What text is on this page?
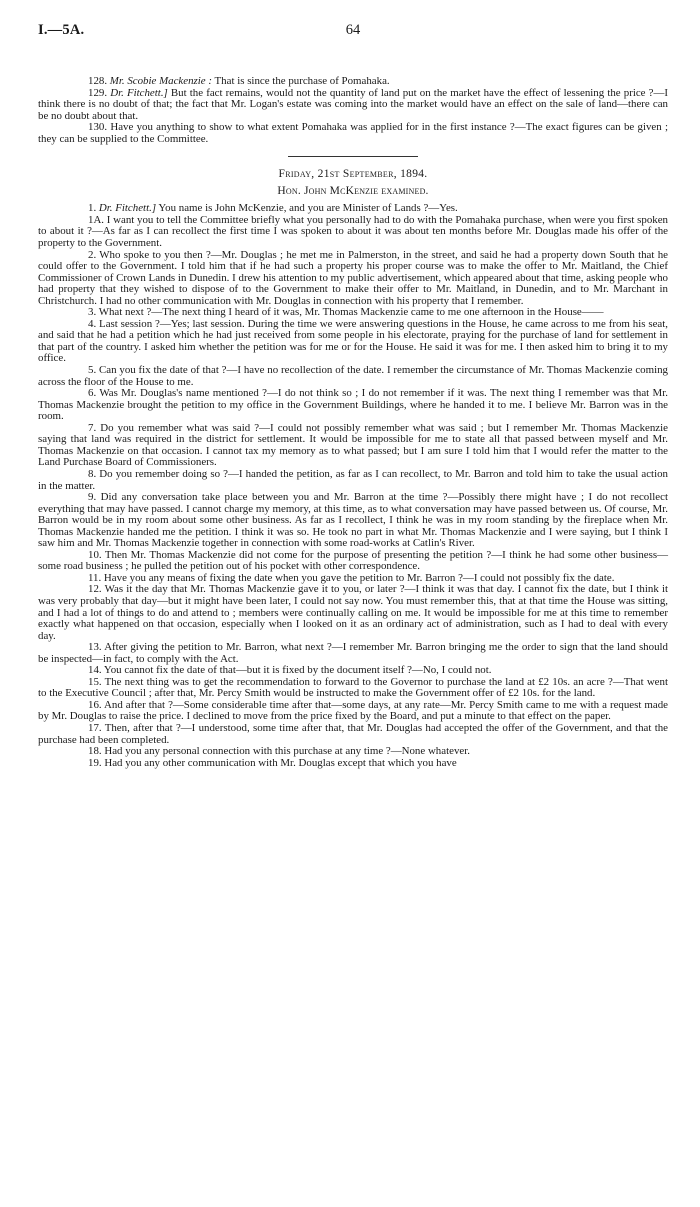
I.—5A.	64

128. Mr. Scobie Mackenzie : That is since the purchase of Pomahaka.

129. Dr. Fitchett.] But the fact remains, would not the quantity of land put on the market have the effect of lessening the price ?—I think there is no doubt of that; the fact that Mr. Logan's estate was coming into the market would have an effect on the sale of land—there can be no doubt about that.

130. Have you anything to show to what extent Pomahaka was applied for in the first instance ?—The exact figures can be given ; they can be supplied to the Committee.

Friday, 21st September, 1894.
Hon. John McKenzie examined.

1. Dr. Fitchett.] You name is John McKenzie, and you are Minister of Lands ?—Yes.

1A. I want you to tell the Committee briefly what you personally had to do with the Pomahaka purchase, when were you first spoken to about it ?—As far as I can recollect the first time I was spoken to about it was about ten months before Mr. Douglas made his offer of the property to the Government.

2. Who spoke to you then ?—Mr. Douglas ; he met me in Palmerston, in the street, and said he had a property down South that he could offer to the Government. I told him that if he had such a property his proper course was to make the offer to Mr. Maitland, the Chief Commissioner of Crown Lands in Dunedin. I drew his attention to my public advertisement, which appeared about that time, asking people who had property that they wished to dispose of to the Government to make their offer to Mr. Maitland, in Dunedin, and to Mr. Marchant in Christchurch. I had no other communication with Mr. Douglas in connection with his property that I remember.

3. What next ?—The next thing I heard of it was, Mr. Thomas Mackenzie came to me one afternoon in the House——

4. Last session ?—Yes; last session. During the time we were answering questions in the House, he came across to me from his seat, and said that he had a petition which he had just received from some people in his electorate, praying for the purchase of land for settlement in that part of the country. I asked him whether the petition was for me or for the House. He said it was for me. I then asked him to bring it to my office.

5. Can you fix the date of that ?—I have no recollection of the date. I remember the circumstance of Mr. Thomas Mackenzie coming across the floor of the House to me.

6. Was Mr. Douglas's name mentioned ?—I do not think so ; I do not remember if it was. The next thing I remember was that Mr. Thomas Mackenzie brought the petition to my office in the Government Buildings, where he handed it to me. I believe Mr. Barron was in the room.

7. Do you remember what was said ?—I could not possibly remember what was said ; but I remember Mr. Thomas Mackenzie saying that land was required in the district for settlement. It would be impossible for me to state all that passed between myself and Mr. Thomas Mackenzie on that occasion. I cannot tax my memory as to what passed; but I am sure I told him that I would refer the matter to the Land Purchase Board of Commissioners.

8. Do you remember doing so ?—I handed the petition, as far as I can recollect, to Mr. Barron and told him to take the usual action in the matter.

9. Did any conversation take place between you and Mr. Barron at the time ?—Possibly there might have ; I do not recollect everything that may have passed. I cannot charge my memory, at this time, as to what conversation may have passed between us. Of course, Mr. Barron would be in my room about some other business. As far as I recollect, I think he was in my room standing by the fireplace when Mr. Thomas Mackenzie handed me the petition. I think it was so. He took no part in what Mr. Thomas Mackenzie and I were saying, but I think I saw him and Mr. Thomas Mackenzie together in connection with some road-works at Catlin's River.

10. Then Mr. Thomas Mackenzie did not come for the purpose of presenting the petition ?—I think he had some other business—some road business ; he pulled the petition out of his pocket with other correspondence.

11. Have you any means of fixing the date when you gave the petition to Mr. Barron ?—I could not possibly fix the date.

12. Was it the day that Mr. Thomas Mackenzie gave it to you, or later ?—I think it was that day. I cannot fix the date, but I think it was very probably that day—but it might have been later, I could not say now. You must remember this, that at that time the House was sitting, and I had a lot of things to do and attend to ; members were continually calling on me. It would be impossible for me at this time to remember exactly what happened on that occasion, especially when I looked on it as an ordinary act of administration, such as I had to deal with every day.

13. After giving the petition to Mr. Barron, what next ?—I remember Mr. Barron bringing me the order to sign that the land should be inspected—in fact, to comply with the Act.

14. You cannot fix the date of that—but it is fixed by the document itself ?—No, I could not.

15. The next thing was to get the recommendation to forward to the Governor to purchase the land at £2 10s. an acre ?—That went to the Executive Council ; after that, Mr. Percy Smith would be instructed to make the Government offer of £2 10s. for the land.

16. And after that ?—Some considerable time after that—some days, at any rate—Mr. Percy Smith came to me with a request made by Mr. Douglas to raise the price. I declined to move from the price fixed by the Board, and put a minute to that effect on the paper.

17. Then, after that ?—I understood, some time after that, that Mr. Douglas had accepted the offer of the Government, and that the purchase had been completed.

18. Had you any personal connection with this purchase at any time ?—None whatever.

19. Had you any other communication with Mr. Douglas except that which you have
